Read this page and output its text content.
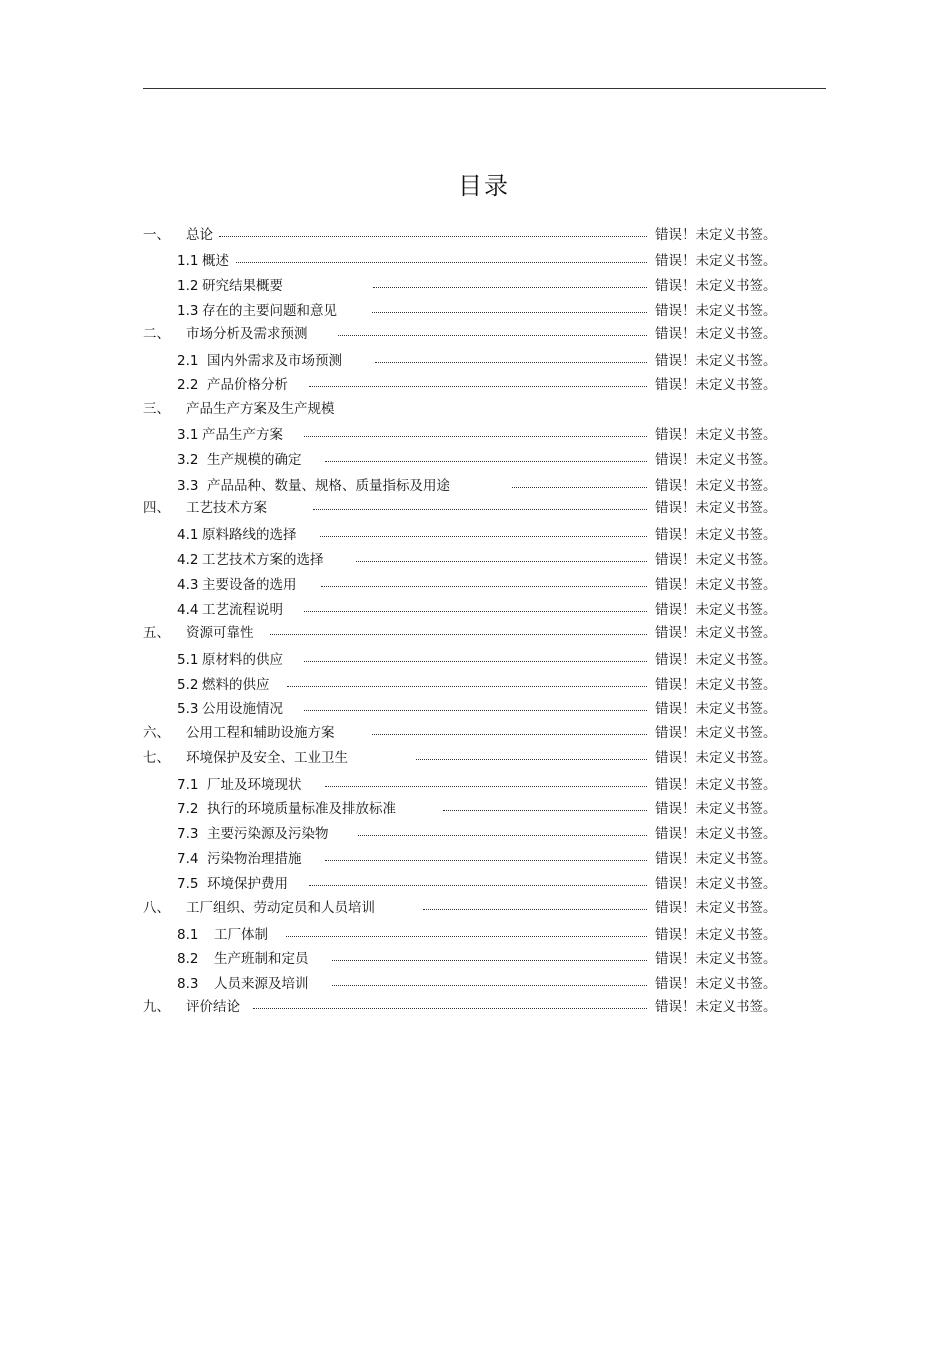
目录
一、 总论	错误！未定义书签。
1.1 概述	错误！未定义书签。
1.2 研究结果概要	错误！未定义书签。
1.3 存在的主要问题和意见	错误！未定义书签。
二、 市场分析及需求预测	错误！未定义书签。
2.1 国内外需求及市场预测	错误！未定义书签。
2.2 产品价格分析	错误！未定义书签。
三、 产品生产方案及生产规模
3.1 产品生产方案	错误！未定义书签。
3.2 生产规模的确定	错误！未定义书签。
3.3 产品品种、数量、规格、质量指标及用途	错误！未定义书签。
四、 工艺技术方案	错误！未定义书签。
4.1 原料路线的选择	错误！未定义书签。
4.2 工艺技术方案的选择	错误！未定义书签。
4.3 主要设备的选用	错误！未定义书签。
4.4 工艺流程说明	错误！未定义书签。
五、 资源可靠性	错误！未定义书签。
5.1 原材料的供应	错误！未定义书签。
5.2 燃料的供应	错误！未定义书签。
5.3 公用设施情况	错误！未定义书签。
六、 公用工程和辅助设施方案	错误！未定义书签。
七、 环境保护及安全、工业卫生	错误！未定义书签。
7.1 厂址及环境现状	错误！未定义书签。
7.2 执行的环境质量标准及排放标准	错误！未定义书签。
7.3 主要污染源及污染物	错误！未定义书签。
7.4 污染物治理措施	错误！未定义书签。
7.5 环境保护费用	错误！未定义书签。
八、 工厂组织、劳动定员和人员培训	错误！未定义书签。
8.1 工厂体制	错误！未定义书签。
8.2 生产班制和定员	错误！未定义书签。
8.3 人员来源及培训	错误！未定义书签。
九、 评价结论	错误！未定义书签。
